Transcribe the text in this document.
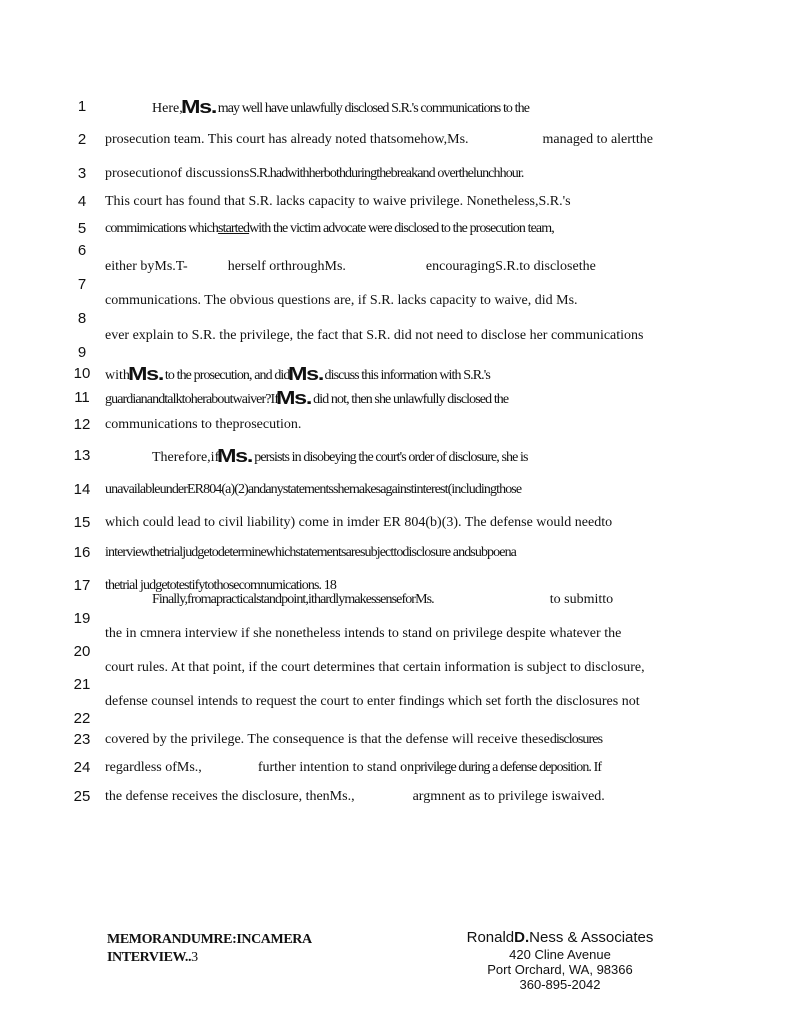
1
2
3
4
5
6
7
8
9
10
11
12
13
14
15
16
17
19
20
21
22
23
24
25
Here,Ms. may well have unlawfully disclosed S.R.'s communications to the
prosecution team. This court has already noted thatsomehow,Ms.	managed to alertthe
prosecutionof discussionsS.R.hadwithherbothduringthebreakand overthelunchhour.
This court has found that S.R. lacks capacity to waive privilege. Nonetheless,S.R.'s
commimications whichstartedwith the victim advocate were disclosed to the prosecution team,
either byMs.T-	herself orthroughMs.	encouragingS.R.to disclosethe
communications. The obvious questions are, if S.R. lacks capacity to waive, did Ms.
ever explain to S.R. the privilege, the fact that S.R. did not need to disclose her communications
withMs. to the prosecution, and didMs. discuss this information with S.R.'s
guardianandtalktoheraboutwaiver?IfMs. did not, then she unlawfully disclosed the
communications to theprosecution.
Therefore,ifMs. persists in disobeying the court's order of disclosure, she is
unavailableunderER804(a)(2)andanystatementsshemakesagainstinterest(includingthose
which could lead to civil liability) come in imder ER 804(b)(3). The defense would needto
interviewthetrialjudgetodeterminewhichstatementsaresubjecttodisclosure andsubpoena
thetrial judgetotestifytothosecomnumications. 18
Finally,fromapracticalstandpoint,ithardlymakessenseforMs.	to submitto
the in cmnera interview if she nonetheless intends to stand on privilege despite whatever the
court rules. At that point, if the court determines that certain information is subject to disclosure,
defense counsel intends to request the court to enter findings which set forth the disclosures not
covered by the privilege. The consequence is that the defense will receive thesedisclosures
regardless ofMs.,	further intention to stand onprivilege during a defense deposition. If
the defense receives the disclosure, thenMs.,	argmnent as to privilege iswaived.
MEMORANDUMRE:INCAMERA
INTERVIEW..3
RonaldD.Ness & Associates
420 Cline Avenue
Port Orchard, WA, 98366
360-895-2042
